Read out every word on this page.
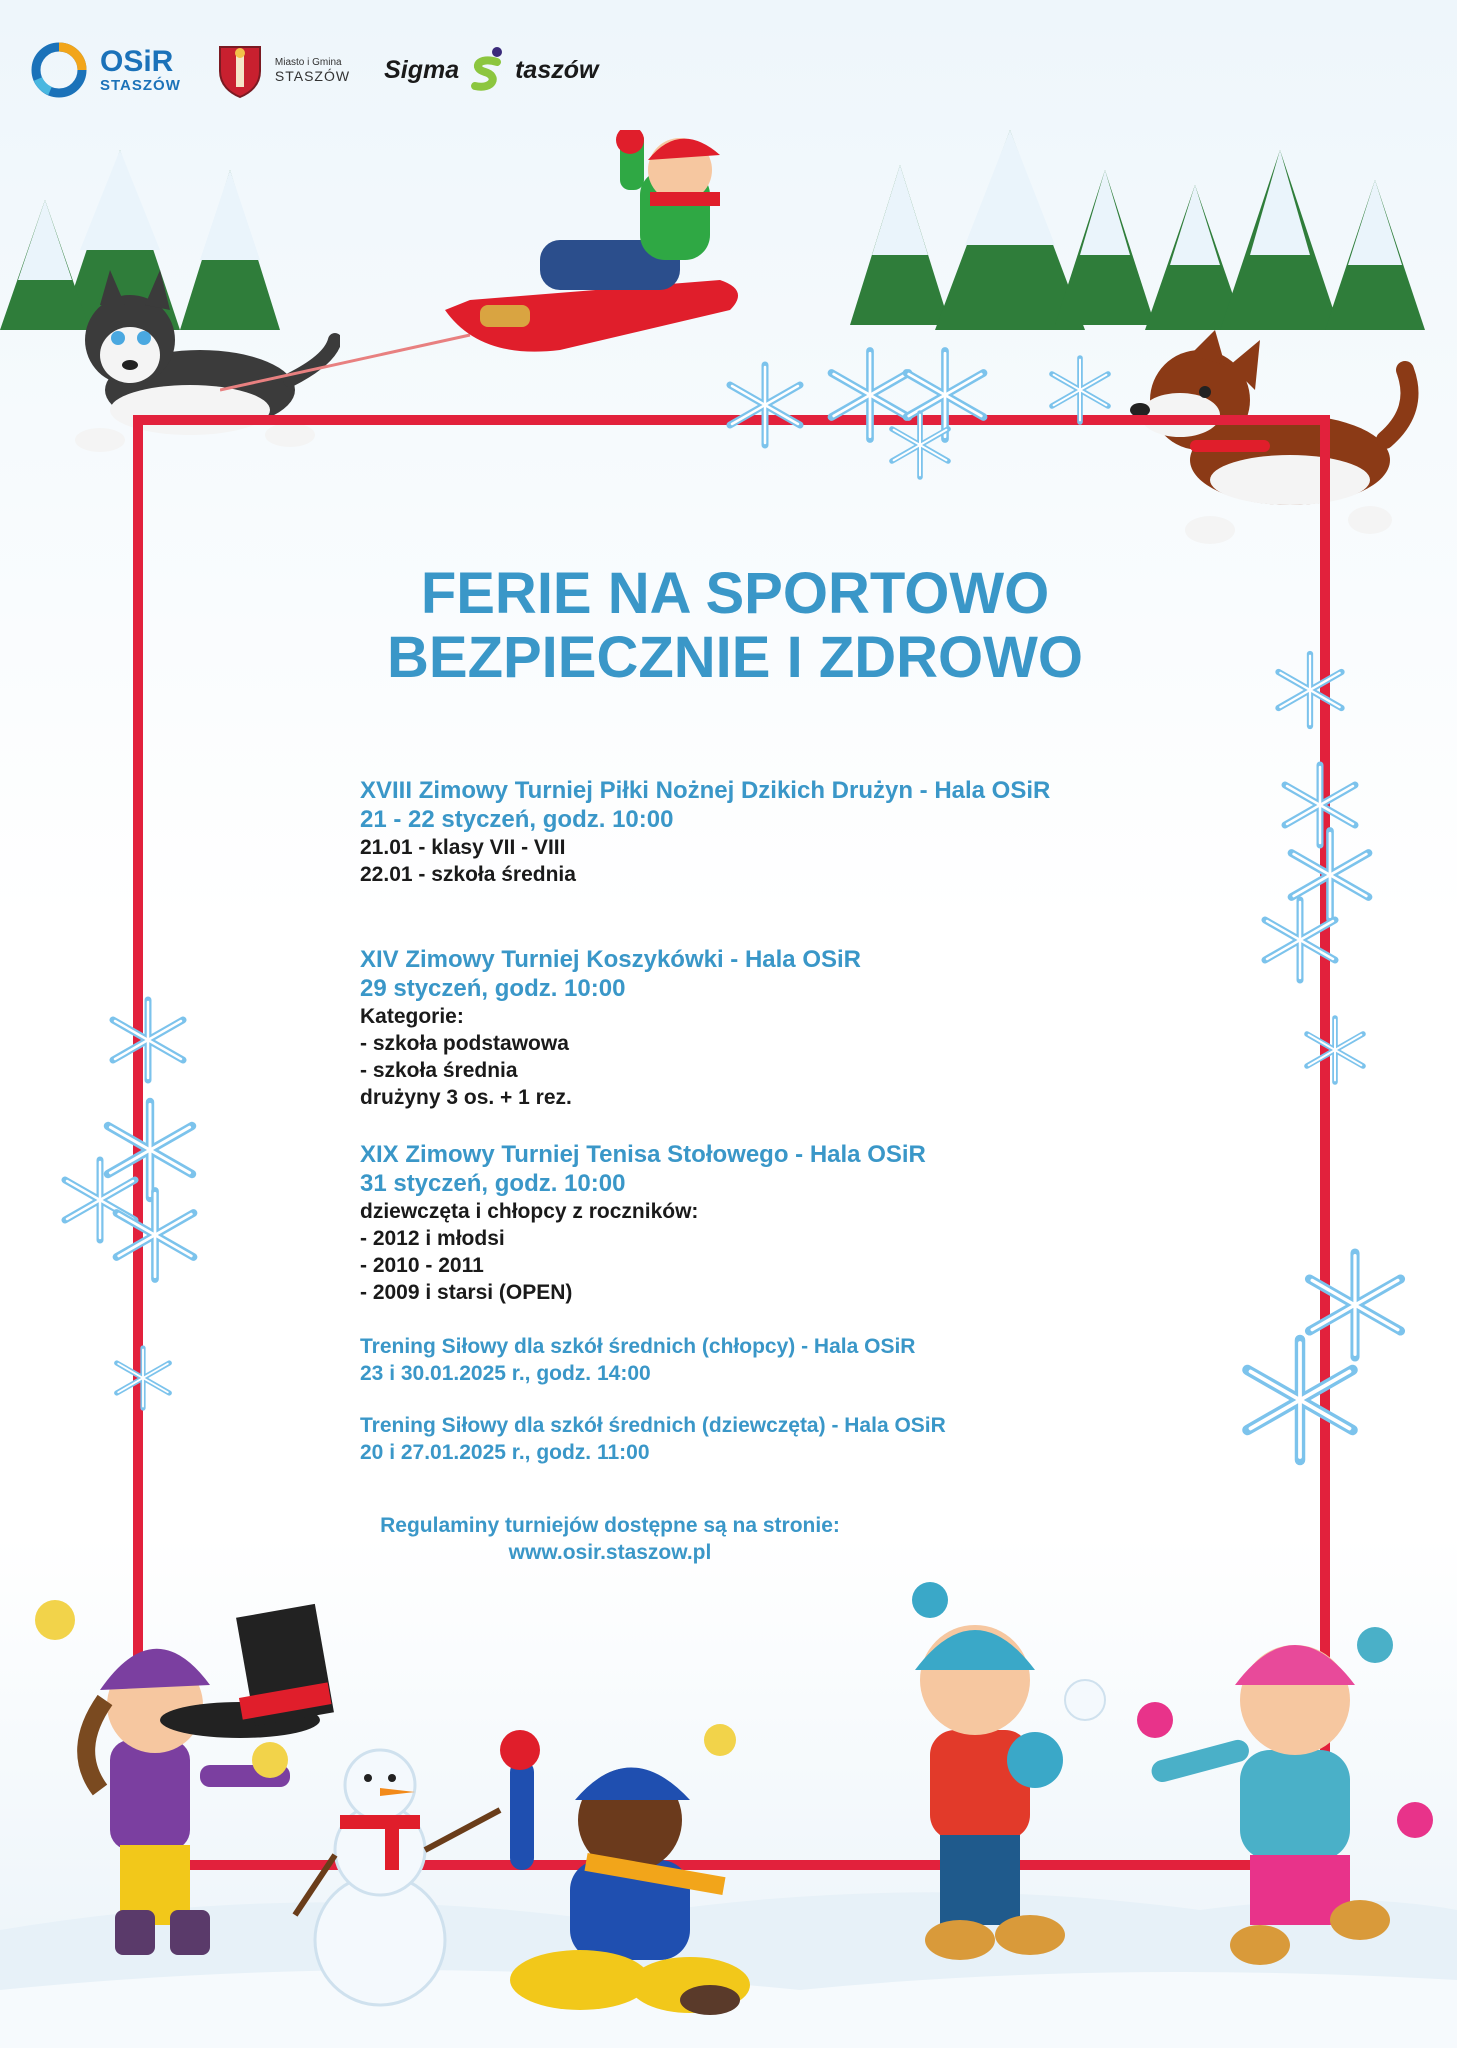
OSiR
STASZÓW
Miasto i Gmina
STASZÓW Sigma taszów
FERIE NA SPORTOWO
BEZPIECZNIE I ZDROWO
XVIII Zimowy Turniej Piłki Nożnej Dzikich Drużyn - Hala OSiR
21 - 22 styczeń, godz. 10:00
21.01 - klasy VII - VIII
22.01 - szkoła średnia
XIV Zimowy Turniej Koszykówki - Hala OSiR
29 styczeń, godz. 10:00
Kategorie:
- szkoła podstawowa
- szkoła średnia
drużyny 3 os. + 1 rez.
XIX Zimowy Turniej Tenisa Stołowego - Hala OSiR
31 styczeń, godz. 10:00
dziewczęta i chłopcy z roczników:
- 2012 i młodsi
- 2010 - 2011
- 2009 i starsi (OPEN)
Trening Siłowy dla szkół średnich (chłopcy) - Hala OSiR
23 i 30.01.2025 r., godz. 14:00
Trening Siłowy dla szkół średnich (dziewczęta) - Hala OSiR
20 i 27.01.2025 r., godz. 11:00
Regulaminy turniejów dostępne są na stronie:
www.osir.staszow.pl
